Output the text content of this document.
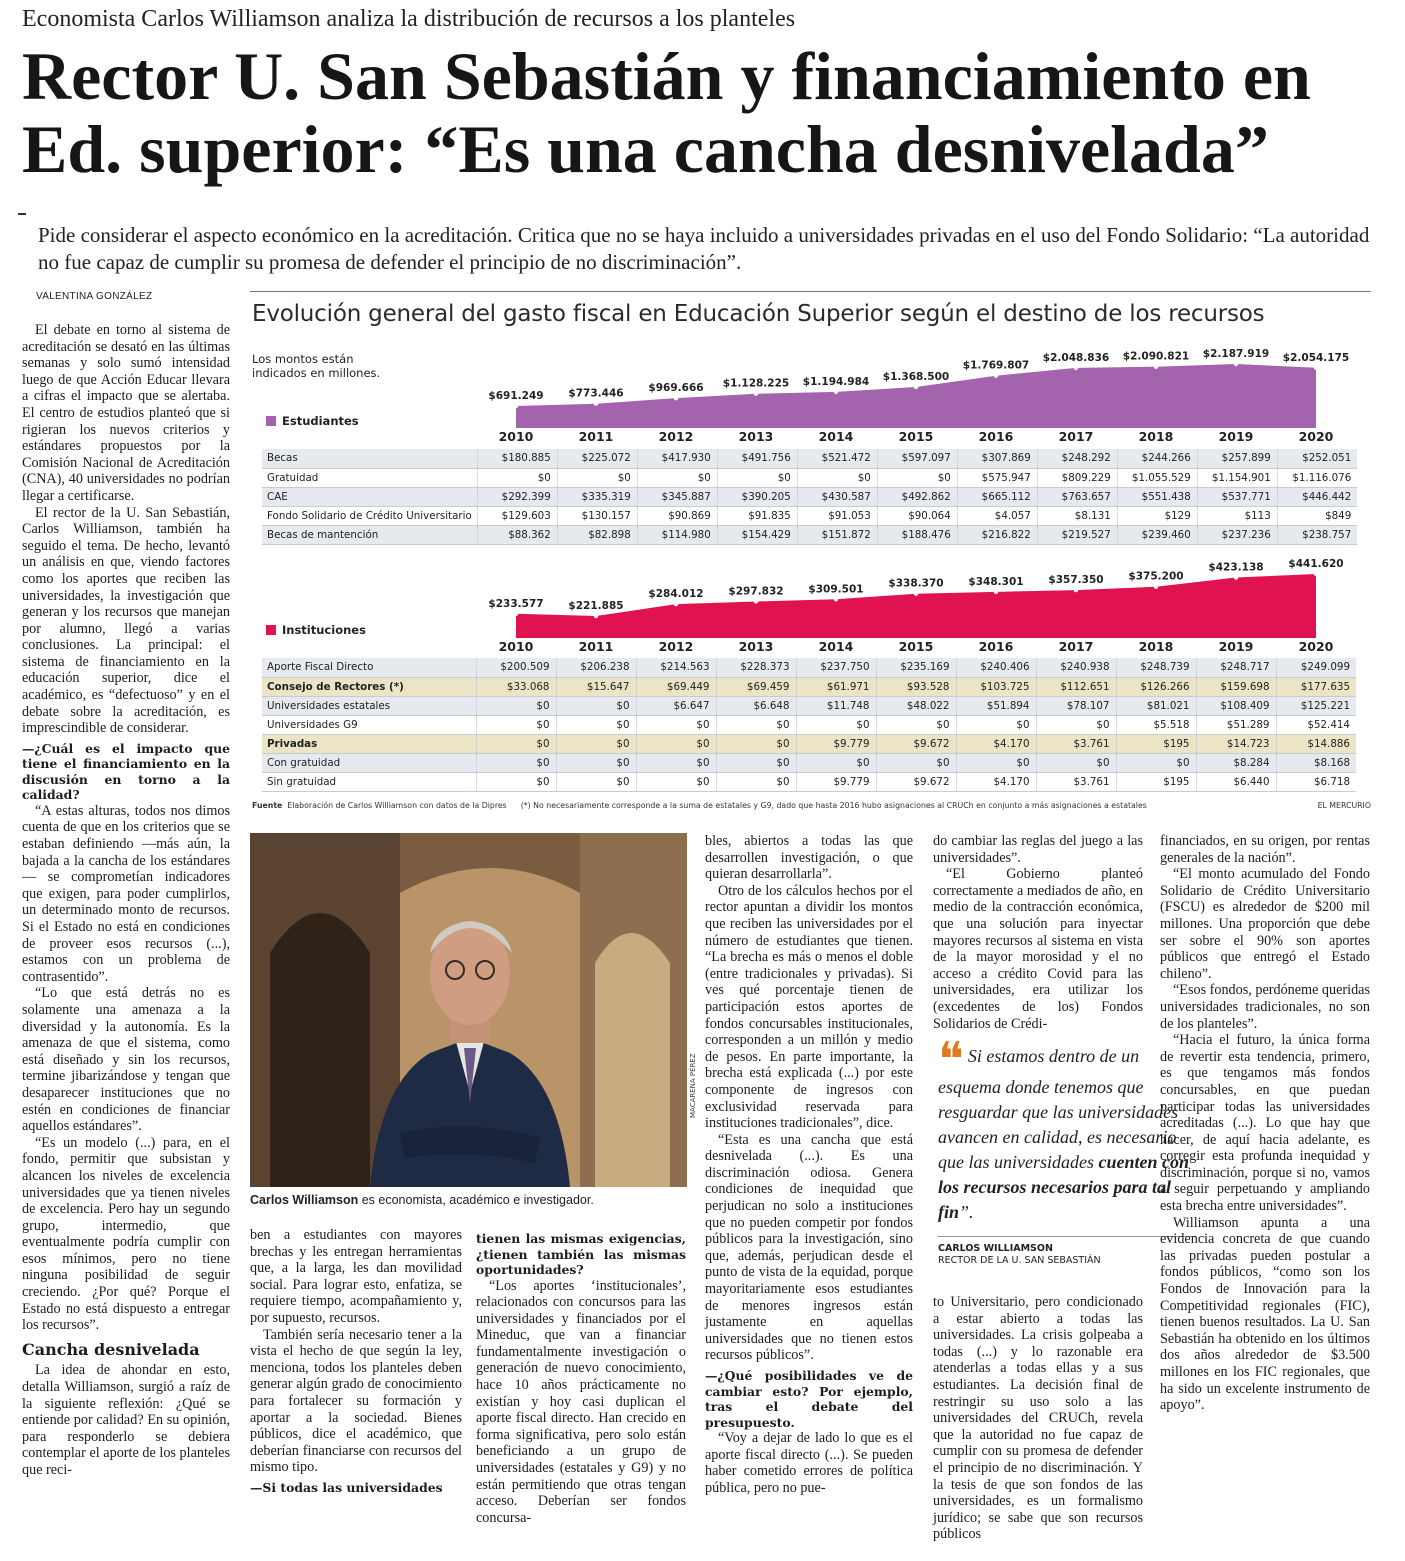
Economista Carlos Williamson analiza la distribución de recursos a los planteles
Rector U. San Sebastián y financiamiento en Ed. superior: “Es una cancha desnivelada”
Pide considerar el aspecto económico en la acreditación. Critica que no se haya incluido a universidades privadas en el uso del Fondo Solidario: “La autoridad no fue capaz de cumplir su promesa de defender el principio de no discriminación”.
VALENTINA GONZÁLEZ
Evolución general del gasto fiscal en Educación Superior según el destino de los recursos
Los montos están indicados en millones.
Estudiantes
$691.249 $773.446 $969.666 $1.128.225 $1.194.984 $1.368.500
$1.769.807
$2.048.836 $2.090.821 $2.187.919 $2.054.175
2010	2011	2012	2013	2014	2015	2016	2017	2018	2019	2020
Becas	$180.885	$225.072	$417.930	$491.756	$521.472	$597.097	$307.869	$248.292	$244.266	$257.899	$252.051
Gratuidad	$0	$0	$0	$0	$0	$0	$575.947	$809.229	$1.055.529	$1.154.901	$1.116.076
CAE	$292.399	$335.319	$345.887	$390.205	$430.587	$492.862	$665.112	$763.657	$551.438	$537.771	$446.442
Fondo Solidario de Crédito Universitario	$129.603	$130.157	$90.869	$91.835	$91.053	$90.064	$4.057	$8.131	$129	$113	$849
Becas de mantención	$88.362	$82.898	$114.980	$154.429	$151.872	$188.476	$216.822	$219.527	$239.460	$237.236	$238.757
Instituciones
$233.577 $221.885
$284.012 $297.832 $309.501 $338.370 $348.301 $357.350 $375.200
$423.138 $441.620
2010	2011	2012	2013	2014	2015	2016	2017	2018	2019	2020
Aporte Fiscal Directo	$200.509	$206.238	$214.563	$228.373	$237.750	$235.169	$240.406	$240.938	$248.739	$248.717	$249.099
Consejo de Rectores (*)	$33.068	$15.647	$69.449	$69.459	$61.971	$93.528	$103.725	$112.651	$126.266	$159.698	$177.635
Universidades estatales	$0	$0	$6.647	$6.648	$11.748	$48.022	$51.894	$78.107	$81.021	$108.409	$125.221
Universidades G9	$0	$0	$0	$0	$0	$0	$0	$0	$5.518	$51.289	$52.414
Privadas	$0	$0	$0	$0	$9.779	$9.672	$4.170	$3.761	$195	$14.723	$14.886
Con gratuidad	$0	$0	$0	$0	$0	$0	$0	$0	$0	$8.284	$8.168
Sin gratuidad	$0	$0	$0	$0	$9.779	$9.672	$4.170	$3.761	$195	$6.440	$6.718
Fuente Elaboración de Carlos Williamson con datos de la Dipres (*) No necesariamente corresponde a la suma de estatales y G9, dado que hasta 2016 hubo asignaciones al CRUCh en conjunto a más asignaciones a estatales	EL MERCURIO
MACARENA PÉREZ
Carlos Williamson es economista, académico e investigador.
❝ Si estamos dentro de un esquema donde tenemos que resguardar que las universidades avancen en calidad, es necesario que las universidades cuenten con los recursos necesarios para tal fin”.
CARLOS WILLIAMSON
RECTOR DE LA U. SAN SEBASTIÁN

El debate en torno al sistema de acreditación se desató en las últimas semanas y solo sumó intensidad luego de que Acción Educar llevara a cifras el impacto que se alertaba. El centro de estudios planteó que si rigieran los nuevos criterios y estándares propuestos por la Comisión Nacional de Acreditación (CNA), 40 universidades no podrían llegar a certificarse.

El rector de la U. San Sebastián, Carlos Williamson, también ha seguido el tema. De hecho, levantó un análisis en que, viendo factores como los aportes que reciben las universidades, la investigación que generan y los recursos que manejan por alumno, llegó a varias conclusiones. La principal: el sistema de financiamiento en la educación superior, dice el académico, es “defectuoso” y en el debate sobre la acreditación, es imprescindible de considerar.

—¿Cuál es el impacto que tiene el financiamiento en la discusión en torno a la calidad?

“A estas alturas, todos nos dimos cuenta de que en los criterios que se estaban definiendo —más aún, la bajada a la cancha de los estándares— se comprometían indicadores que exigen, para poder cumplirlos, un determinado monto de recursos. Si el Estado no está en condiciones de proveer esos recursos (...), estamos con un problema de contrasentido”.

“Lo que está detrás no es solamente una amenaza a la diversidad y la autonomía. Es la amenaza de que el sistema, como está diseñado y sin los recursos, termine jibarizándose y tengan que desaparecer instituciones que no estén en condiciones de financiar aquellos estándares”.

“Es un modelo (...) para, en el fondo, permitir que subsistan y alcancen los niveles de excelencia universidades que ya tienen niveles de excelencia. Pero hay un segundo grupo, intermedio, que eventualmente podría cumplir con esos mínimos, pero no tiene ninguna posibilidad de seguir creciendo. ¿Por qué? Porque el Estado no está dispuesto a entregar los recursos”.

Cancha desnivelada

La idea de ahondar en esto, detalla Williamson, surgió a raíz de la siguiente reflexión: ¿Qué se entiende por calidad? En su opinión, para responderlo se debiera contemplar el aporte de los planteles que reci-

ben a estudiantes con mayores brechas y les entregan herramientas que, a la larga, les dan movilidad social. Para lograr esto, enfatiza, se requiere tiempo, acompañamiento y, por supuesto, recursos.

También sería necesario tener a la vista el hecho de que según la ley, menciona, todos los planteles deben generar algún grado de conocimiento para fortalecer su formación y aportar a la sociedad. Bienes públicos, dice el académico, que deberían financiarse con recursos del mismo tipo.

—Si todas las universidades

tienen las mismas exigencias, ¿tienen también las mismas oportunidades?

“Los aportes ‘institucionales’, relacionados con concursos para las universidades y financiados por el Mineduc, que van a financiar fundamentalmente investigación o generación de nuevo conocimiento, hace 10 años prácticamente no existían y hoy casi duplican el aporte fiscal directo. Han crecido en forma significativa, pero solo están beneficiando a un grupo de universidades (estatales y G9) y no están permitiendo que otras tengan acceso. Deberían ser fondos concursa-

bles, abiertos a todas las que desarrollen investigación, o que quieran desarrollarla”.

Otro de los cálculos hechos por el rector apuntan a dividir los montos que reciben las universidades por el número de estudiantes que tienen. “La brecha es más o menos el doble (entre tradicionales y privadas). Si ves qué porcentaje tienen de participación estos aportes de fondos concursables institucionales, corresponden a un millón y medio de pesos. En parte importante, la brecha está explicada (...) por este componente de ingresos con exclusividad reservada para instituciones tradicionales”, dice.

“Esta es una cancha que está desnivelada (...). Es una discriminación odiosa. Genera condiciones de inequidad que perjudican no solo a instituciones que no pueden competir por fondos públicos para la investigación, sino que, además, perjudican desde el punto de vista de la equidad, porque mayoritariamente esos estudiantes de menores ingresos están justamente en aquellas universidades que no tienen estos recursos públicos”.

—¿Qué posibilidades ve de cambiar esto? Por ejemplo, tras el debate del presupuesto.

“Voy a dejar de lado lo que es el aporte fiscal directo (...). Se pueden haber cometido errores de política pública, pero no pue-

do cambiar las reglas del juego a las universidades”.

“El Gobierno planteó correctamente a mediados de año, en medio de la contracción económica, que una solución para inyectar mayores recursos al sistema en vista de la mayor morosidad y el no acceso a crédito Covid para las universidades, era utilizar los (excedentes de los) Fondos Solidarios de Crédi-

to Universitario, pero condicionado a estar abierto a todas las universidades. La crisis golpeaba a todas (...) y lo razonable era atenderlas a todas ellas y a sus estudiantes. La decisión final de restringir su uso solo a las universidades del CRUCh, revela que la autoridad no fue capaz de cumplir con su promesa de defender el principio de no discriminación. Y la tesis de que son fondos de las universidades, es un formalismo jurídico; se sabe que son recursos públicos

financiados, en su origen, por rentas generales de la nación”.

“El monto acumulado del Fondo Solidario de Crédito Universitario (FSCU) es alrededor de $200 mil millones. Una proporción que debe ser sobre el 90% son aportes públicos que entregó el Estado chileno”.

“Esos fondos, perdóneme queridas universidades tradicionales, no son de los planteles”.

“Hacia el futuro, la única forma de revertir esta tendencia, primero, es que tengamos más fondos concursables, en que puedan participar todas las universidades acreditadas (...). Lo que hay que hacer, de aquí hacia adelante, es corregir esta profunda inequidad y discriminación, porque si no, vamos a seguir perpetuando y ampliando esta brecha entre universidades”.

Williamson apunta a una evidencia concreta de que cuando las privadas pueden postular a fondos públicos, “como son los Fondos de Innovación para la Competitividad regionales (FIC), tienen buenos resultados. La U. San Sebastián ha obtenido en los últimos dos años alrededor de $3.500 millones en los FIC regionales, que ha sido un excelente instrumento de apoyo”.
